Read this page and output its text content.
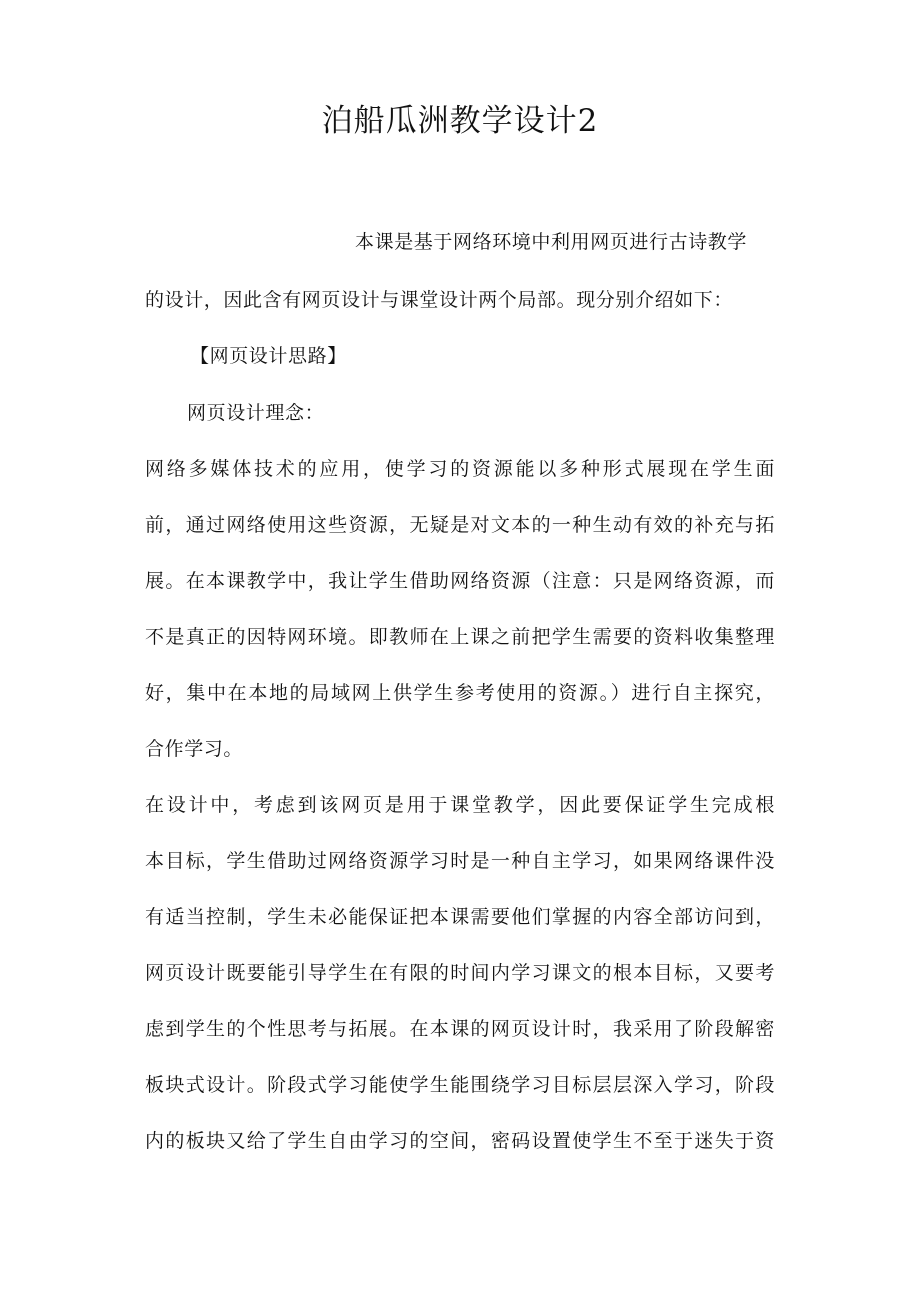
泊船瓜洲教学设计2
本课是基于网络环境中利用网页进行古诗教学
的设计，因此含有网页设计与课堂设计两个局部。现分别介绍如下：
【网页设计思路】
网页设计理念：
网络多媒体技术的应用，使学习的资源能以多种形式展现在学生面
前，通过网络使用这些资源，无疑是对文本的一种生动有效的补充与拓
展。在本课教学中，我让学生借助网络资源（注意：只是网络资源，而
不是真正的因特网环境。即教师在上课之前把学生需要的资料收集整理
好，集中在本地的局域网上供学生参考使用的资源。）进行自主探究，
合作学习。
在设计中，考虑到该网页是用于课堂教学，因此要保证学生完成根
本目标，学生借助过网络资源学习时是一种自主学习，如果网络课件没
有适当控制，学生未必能保证把本课需要他们掌握的内容全部访问到，
网页设计既要能引导学生在有限的时间内学习课文的根本目标，又要考
虑到学生的个性思考与拓展。在本课的网页设计时，我采用了阶段解密
板块式设计。阶段式学习能使学生能围绕学习目标层层深入学习，阶段
内的板块又给了学生自由学习的空间，密码设置使学生不至于迷失于资
